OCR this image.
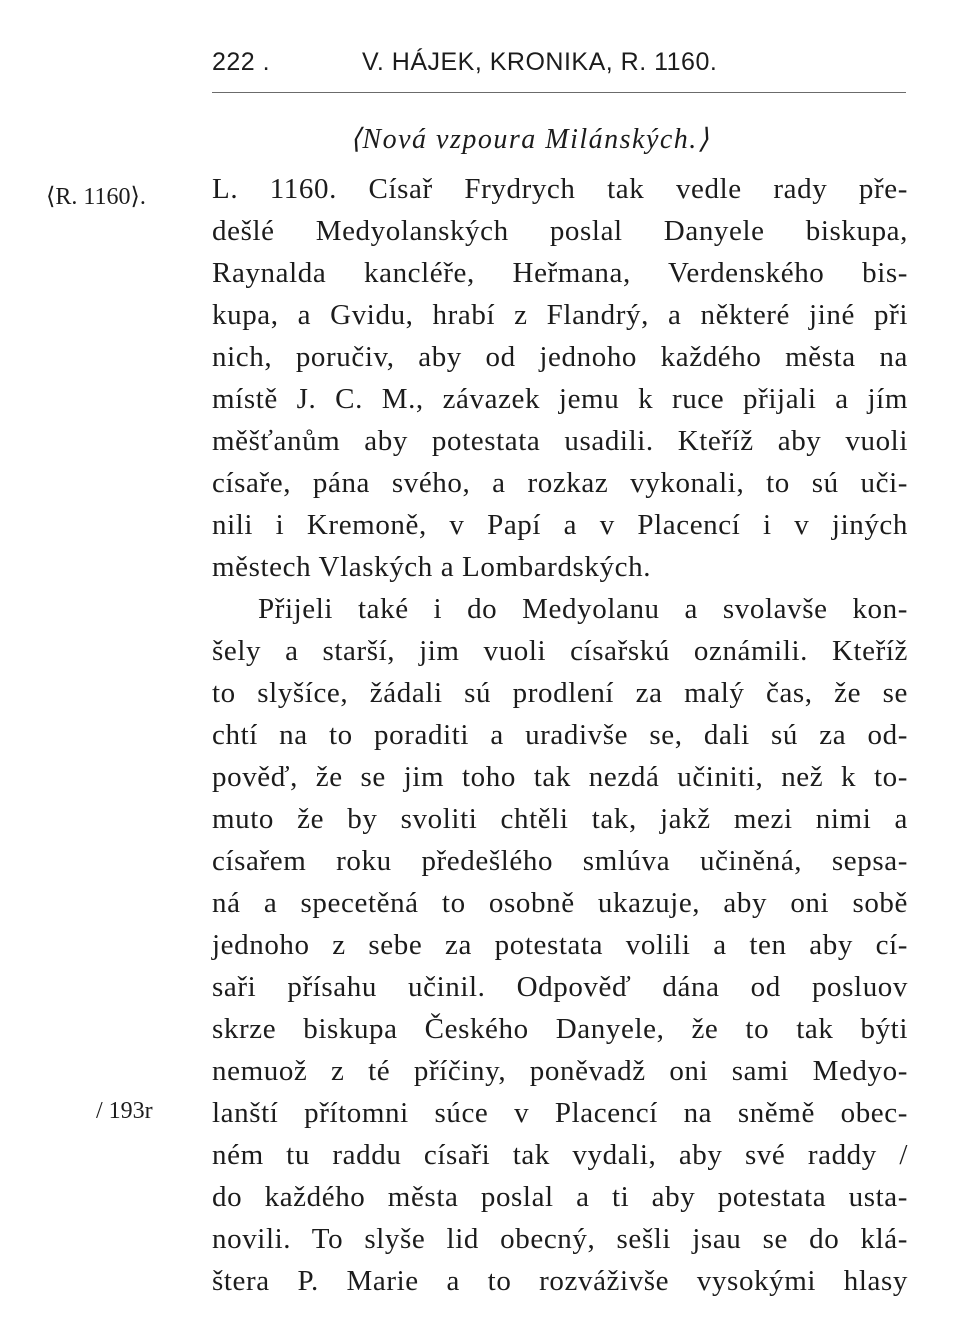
222 .	V. HÁJEK, KRONIKA, R. 1160.
⟨Nová vzpoura Milánských.⟩
⟨R. 1160⟩.
/ 193r
L. 1160. Císař Frydrych tak vedle rady pře-
dešlé Medyolanských poslal Danyele biskupa,
Raynalda kancléře, Heřmana, Verdenského bis-
kupa, a Gvidu, hrabí z Flandrý, a některé jiné při
nich, poručiv, aby od jednoho každého města na
místě J. C. M., závazek jemu k ruce přijali a jím
měšťanům aby potestata usadili. Kteříž aby vuoli
císaře, pána svého, a rozkaz vykonali, to sú uči-
nili i Kremoně, v Papí a v Placencí i v jiných
městech Vlaských a Lombardských.
Přijeli také i do Medyolanu a svolavše kon-
šely a starší, jim vuoli císařskú oznámili. Kteříž
to slyšíce, žádali sú prodlení za malý čas, že se
chtí na to poraditi a uradivše se, dali sú za od-
pověď, že se jim toho tak nezdá učiniti, než k to-
muto že by svoliti chtěli tak, jakž mezi nimi a
císařem roku předešlého smlúva učiněná, sepsa-
ná a specetěná to osobně ukazuje, aby oni sobě
jednoho z sebe za potestata volili a ten aby cí-
saři přísahu učinil. Odpověď dána od posluov
skrze biskupa Českého Danyele, že to tak býti
nemuož z té příčiny, poněvadž oni sami Medyo-
lanští přítomni súce v Placencí na sněmě obec-
ném tu raddu císaři tak vydali, aby své raddy /
do každého města poslal a ti aby potestata usta-
novili. To slyše lid obecný, sešli jsau se do klá-
štera P. Marie a to rozváživše vysokými hlasy
